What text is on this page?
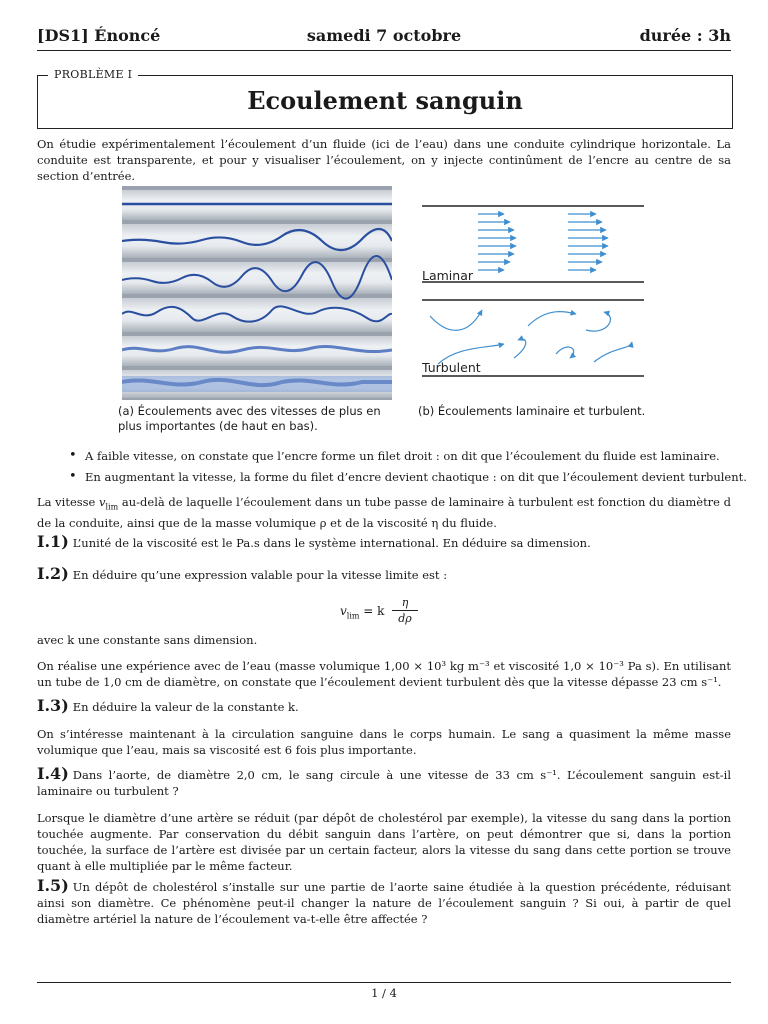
[DS1] Énoncé	samedi 7 octobre	durée : 3h
PROBLÈME I
Ecoulement sanguin

On étudie expérimentalement l’écoulement d’un fluide (ici de l’eau) dans une conduite cylindrique horizontale. La conduite est transparente, et pour y visualiser l’écoulement, on y injecte continûment de l’encre au centre de sa section d’entrée.

Laminar
Turbulent
(a) Écoulements avec des vitesses de plus en plus importantes (de haut en bas).
(b) Écoulements laminaire et turbulent.
• A faible vitesse, on constate que l’encre forme un filet droit : on dit que l’écoulement du fluide est laminaire.
• En augmentant la vitesse, la forme du filet d’encre devient chaotique : on dit que l’écoulement devient turbulent.

La vitesse $v_{lim}$ au-delà de laquelle l’écoulement dans un tube passe de laminaire à turbulent est fonction du diamètre d de la conduite, ainsi que de la masse volumique ρ et de la viscosité η du fluide.

I.1) L’unité de la viscosité est le Pa.s dans le système international. En déduire sa dimension.
I.2) En déduire qu’une expression valable pour la vitesse limite est :
$v_{lim} = k \frac{\eta}{d\rho}$

avec k une constante sans dimension.

On réalise une expérience avec de l’eau (masse volumique 1,00 × 10³ kg m⁻³ et viscosité 1,0 × 10⁻³ Pa s). En utilisant un tube de 1,0 cm de diamètre, on constate que l’écoulement devient turbulent dès que la vitesse dépasse 23 cm s⁻¹.

I.3) En déduire la valeur de la constante k.

On s’intéresse maintenant à la circulation sanguine dans le corps humain. Le sang a quasiment la même masse volumique que l’eau, mais sa viscosité est 6 fois plus importante.

I.4) Dans l’aorte, de diamètre 2,0 cm, le sang circule à une vitesse de 33 cm s⁻¹. L’écoulement sanguin est-il laminaire ou turbulent ?

Lorsque le diamètre d’une artère se réduit (par dépôt de cholestérol par exemple), la vitesse du sang dans la portion touchée augmente. Par conservation du débit sanguin dans l’artère, on peut démontrer que si, dans la portion touchée, la surface de l’artère est divisée par un certain facteur, alors la vitesse du sang dans cette portion se trouve quant à elle multipliée par le même facteur.

I.5) Un dépôt de cholestérol s’installe sur une partie de l’aorte saine étudiée à la question précédente, réduisant ainsi son diamètre. Ce phénomène peut-il changer la nature de l’écoulement sanguin ? Si oui, à partir de quel diamètre artériel la nature de l’écoulement va-t-elle être affectée ?
1 / 4
